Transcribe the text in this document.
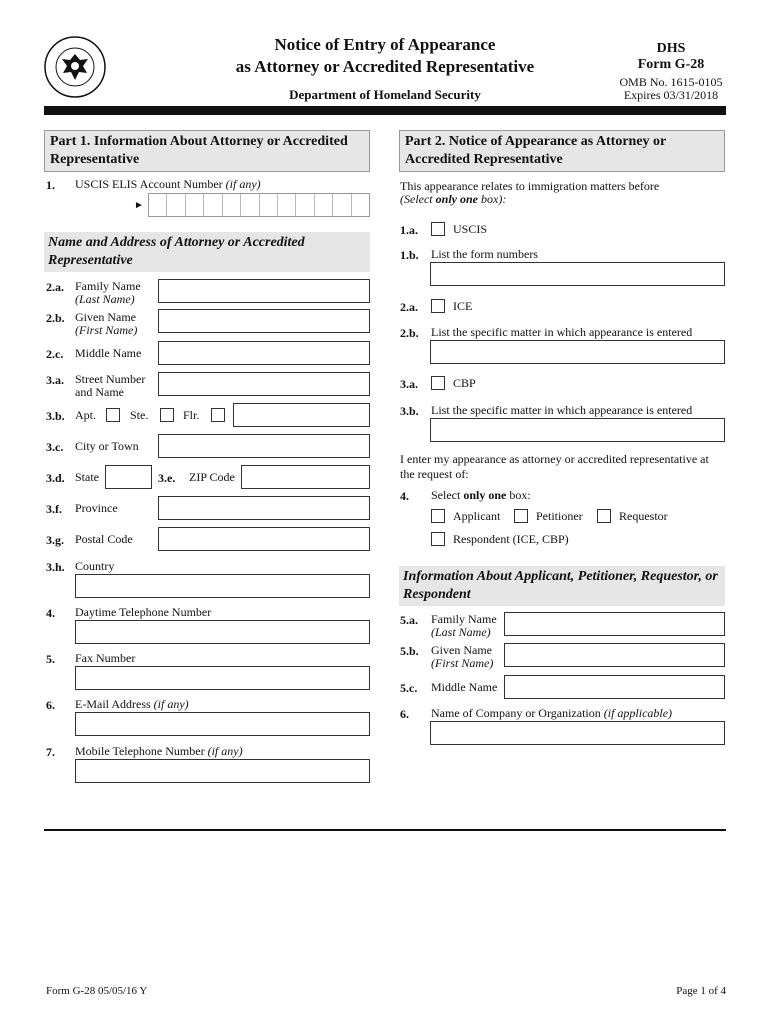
Notice of Entry of Appearance
as Attorney or Accredited Representative
Department of Homeland Security
DHS
Form G-28
OMB No. 1615-0105
Expires 03/31/2018
Part 1. Information About Attorney or Accredited Representative
1. USCIS ELIS Account Number (if any)
►
Name and Address of Attorney or Accredited Representative
2.a. Family Name
(Last Name)
2.b. Given Name
(First Name)
2.c. Middle Name
3.a. Street Number
and Name
3.b. Apt.	Ste.	Flr.
3.c. City or Town
3.d. State	3.e. ZIP Code
3.f. Province
3.g. Postal Code
3.h. Country
4. Daytime Telephone Number
5. Fax Number
6. E-Mail Address (if any)
7. Mobile Telephone Number (if any)
Part 2. Notice of Appearance as Attorney or Accredited Representative
This appearance relates to immigration matters before
(Select only one box):
1.a.	USCIS
1.b. List the form numbers
2.a.	ICE
2.b. List the specific matter in which appearance is entered
3.a.	CBP
3.b. List the specific matter in which appearance is entered
I enter my appearance as attorney or accredited representative at the request of:
4. Select only one box:
Applicant	Petitioner	Requestor
Respondent (ICE, CBP)
Information About Applicant, Petitioner, Requestor, or Respondent
5.a. Family Name
(Last Name)
5.b. Given Name
(First Name)
5.c. Middle Name
6. Name of Company or Organization (if applicable)
Form G-28 05/05/16 Y	Page 1 of 4
